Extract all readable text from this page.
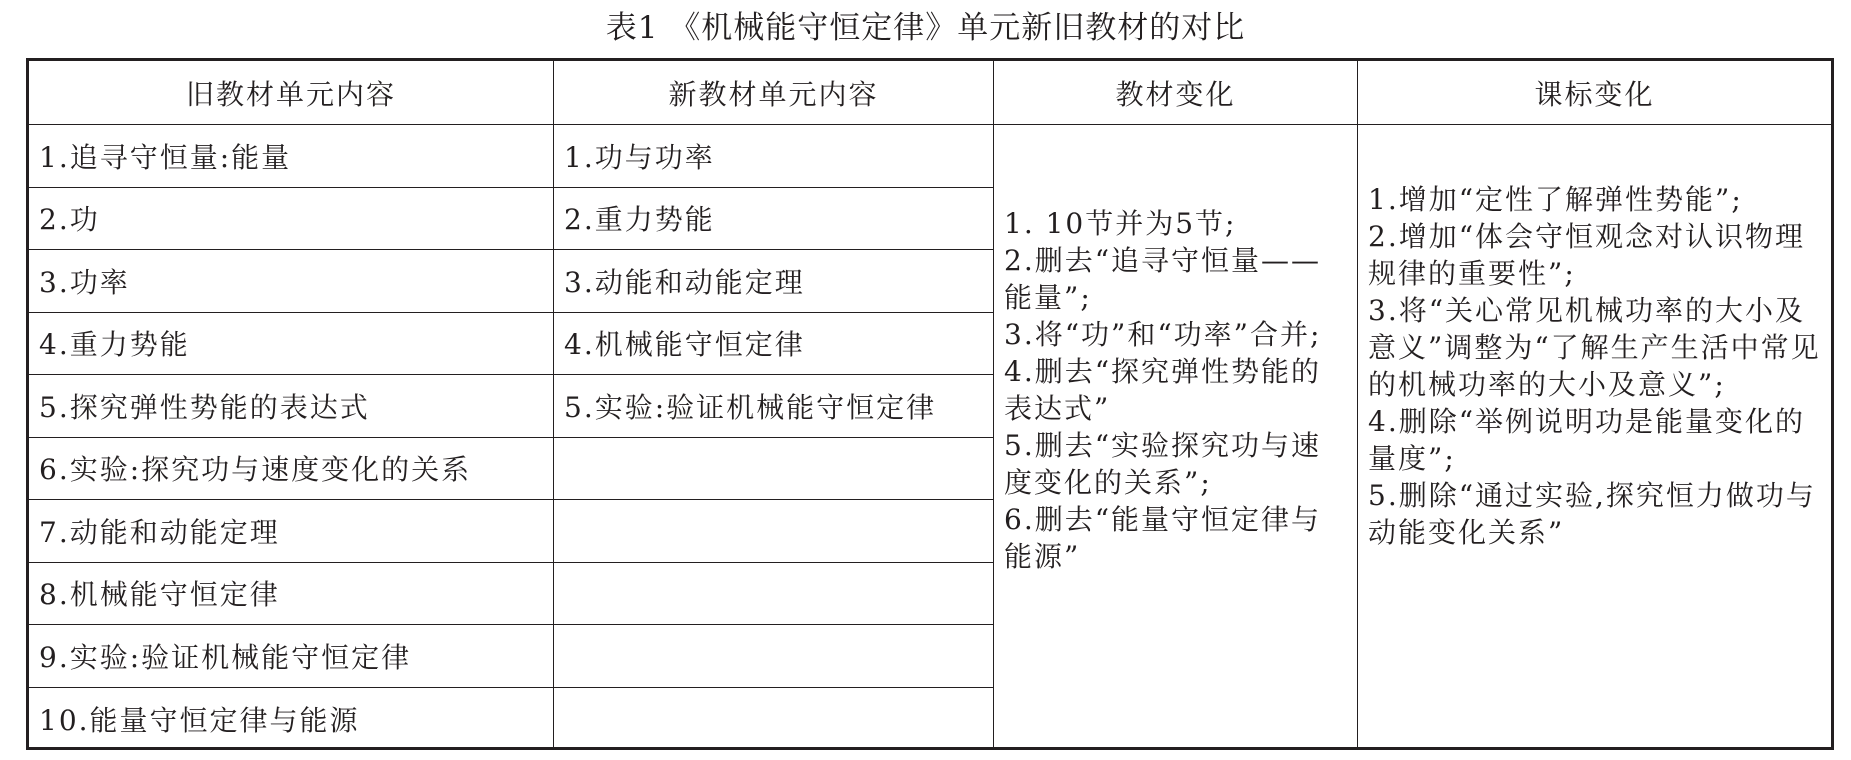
表1 《机械能守恒定律》单元新旧教材的对比
旧教材单元内容
1.追寻守恒量:能量
2.功
3.功率
4.重力势能
5.探究弹性势能的表达式
6.实验:探究功与速度变化的关系
7.动能和动能定理
8.机械能守恒定律
9.实验:验证机械能守恒定律
10.能量守恒定律与能源
新教材单元内容
1.功与功率
2.重力势能
3.动能和动能定理
4.机械能守恒定律
5.实验:验证机械能守恒定律
教材变化

1. 10节并为5节;

2.删去“追寻守恒量——能量”;

3.将“功”和“功率”合并;

4.删去“探究弹性势能的表达式”

5.删去“实验探究功与速度变化的关系”;

6.删去“能量守恒定律与能源”

课标变化

1.增加“定性了解弹性势能”;

2.增加“体会守恒观念对认识物理规律的重要性”;

3.将“关心常见机械功率的大小及意义”调整为“了解生产生活中常见的机械功率的大小及意义”;

4.删除“举例说明功是能量变化的量度”;

5.删除“通过实验,探究恒力做功与动能变化关系”
